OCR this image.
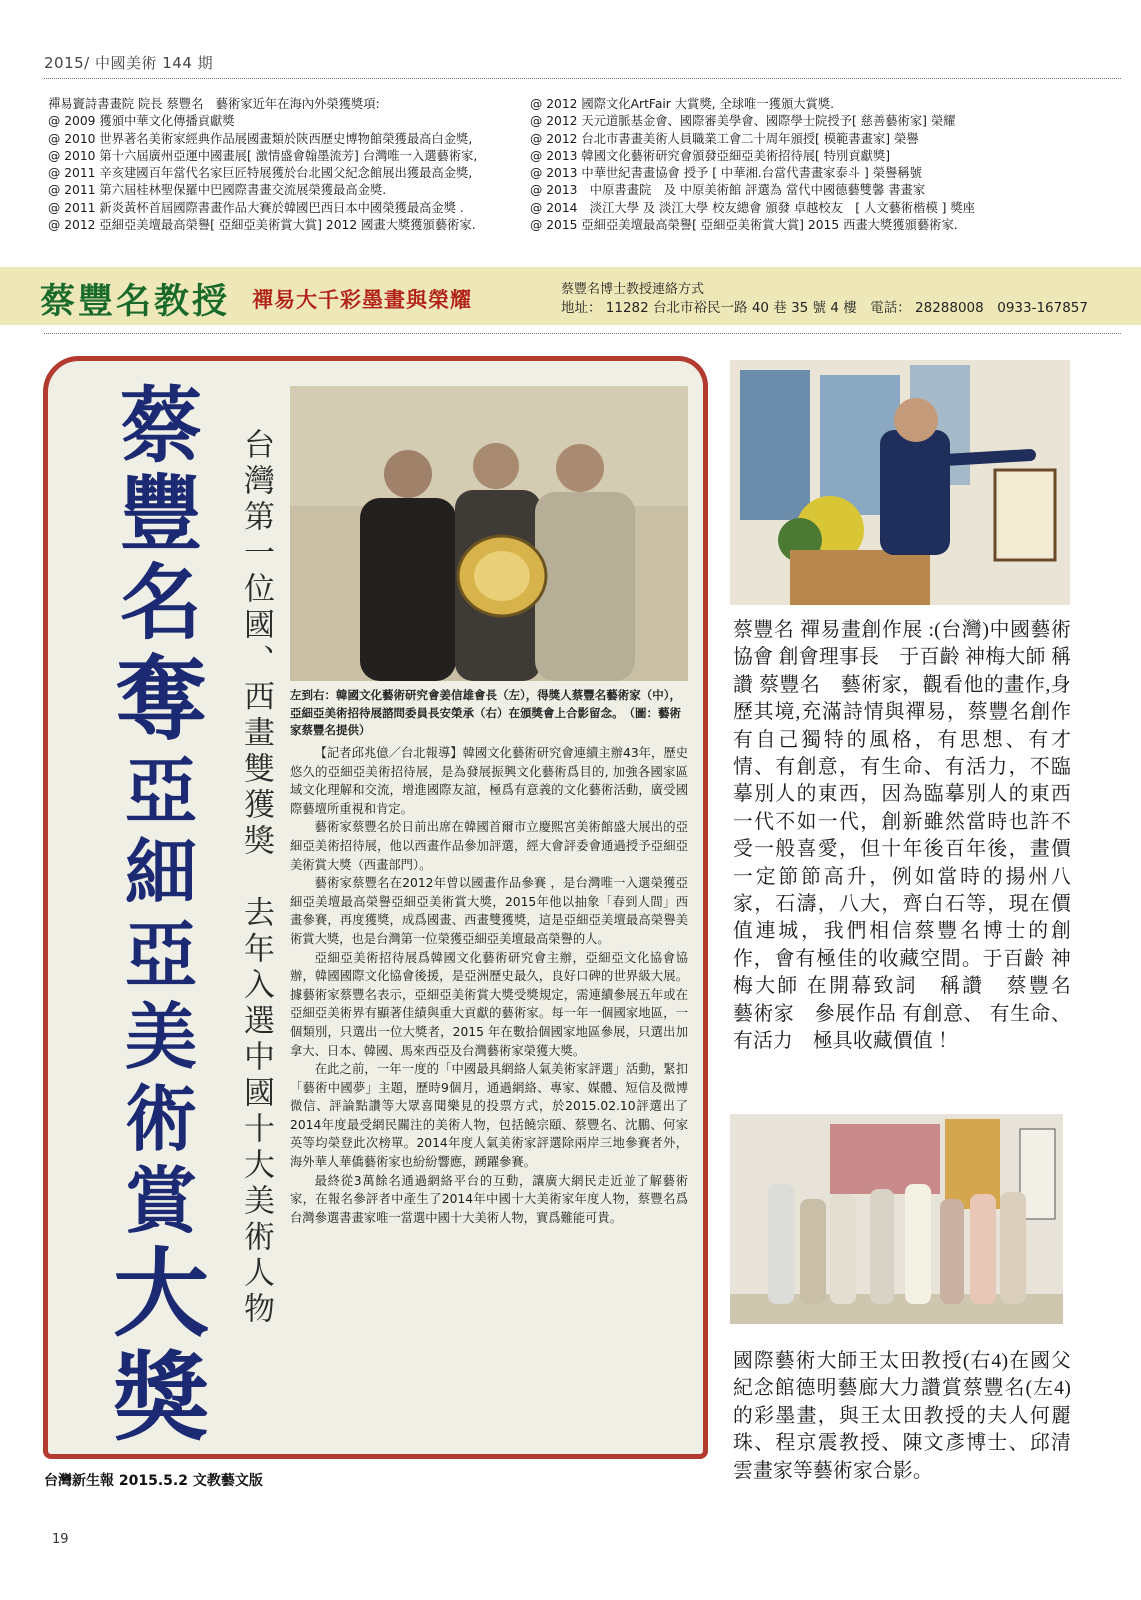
2015/ 中國美術 144 期
禪易竇詩書畫院 院長 蔡豐名　藝術家近年在海內外榮獲獎項:
@ 2009 獲頒中華文化傳播貢獻獎
@ 2010 世界著名美術家經典作品展國畫類於陝西歷史博物館榮獲最高白金獎,
@ 2010 第十六屆廣州亞運中國畫展[ 激情盛會翰墨流芳] 台灣唯一入選藝術家,
@ 2011 辛亥建國百年當代名家巨匠特展獲於台北國父紀念館展出獲最高金獎,
@ 2011 第六屆桂林聖保羅中巴國際書畫交流展榮獲最高金獎.
@ 2011 新炎黃杯首屆國際書畫作品大賽於韓國巴西日本中國榮獲最高金獎 .
@ 2012 亞細亞美壇最高榮譽[ 亞細亞美術賞大賞] 2012 國畫大獎獲頒藝術家.
@ 2012 國際文化ArtFair 大賞獎, 全球唯一獲頒大賞獎.
@ 2012 天元道脈基金會、國際審美學會、國際學士院授予[ 慈善藝術家] 榮耀
@ 2012 台北市書畫美術人員職業工會二十周年頒授[ 模範書畫家] 榮譽
@ 2013 韓國文化藝術研究會頒發亞細亞美術招待展[ 特別貢獻獎]
@ 2013 中華世紀書畫協會 授予 [ 中華湘.台當代書畫家泰斗 ] 榮譽稱號
@ 2013　中原書畫院　及 中原美術館 評選為 當代中國德藝雙馨 書畫家
@ 2014　淡江大學 及 淡江大學 校友總會 頒發 卓越校友　[ 人文藝術楷模 ] 獎座
@ 2015 亞細亞美壇最高榮譽[ 亞細亞美術賞大賞] 2015 西畫大獎獲頒藝術家.
蔡豐名教授 禪易大千彩墨畫與榮耀	蔡豐名博士教授連絡方式
地址： 11282 台北市裕民一路 40 巷 35 號 4 樓　電話： 28288008　0933-167857
蔡
豐
名
奪
亞
細
亞
美
術
賞
大
獎
台灣第一位國、西畫雙獲獎　去年入選中國十大美術人物 左到右：韓國文化藝術研究會姜信雄會長（左），得獎人蔡豐名藝術家（中），亞細亞美術招待展諮問委員長安榮承（右）在頒獎會上合影留念。　（圖：藝術家蔡豐名提供）

【記者邱兆億／台北報導】韓國文化藝術研究會連續主辦43年，歷史悠久的亞細亞美術招待展，是為發展振興文化藝術爲目的, 加強各國家區域文化理解和交流，增進國際友誼，極爲有意義的文化藝術活動，廣受國際藝壇所重視和肯定。

藝術家蔡豐名於日前出席在韓國首爾市立慶熙宮美術館盛大展出的亞細亞美術招待展，他以西畫作品參加評選，經大會評委會通過授予亞細亞美術賞大獎（西畫部門）。

藝術家蔡豐名在2012年曾以國畫作品參賽 ，是台灣唯一入選榮獲亞細亞美壇最高榮譽亞細亞美術賞大獎，2015年他以抽象「春到人間」西畫參賽，再度獲獎，成爲國畫、西畫雙獲獎，這是亞細亞美壇最高榮譽美術賞大獎，也是台灣第一位榮獲亞細亞美壇最高榮譽的人。

亞細亞美術招待展爲韓國文化藝術研究會主辦，亞細亞文化協會協辦，韓國國際文化協會後援，是亞洲歷史最久，良好口碑的世界級大展。據藝術家蔡豐名表示，亞細亞美術賞大獎受獎規定，需連續參展五年或在亞細亞美術界有顯著佳績與重大貢獻的藝術家。每一年一個國家地區，一個類別，只選出一位大獎者，2015 年在數拾個國家地區參展，只選出加拿大、日本、韓國、馬來西亞及台灣藝術家榮獲大獎。

在此之前，一年一度的「中國最具網絡人氣美術家評選」活動，緊扣「藝術中國夢」主題，歷時9個月，通過網絡、專家、媒體、短信及微博微信、評論點讚等大眾喜聞樂見的投票方式，於2015.02.10評選出了2014年度最受網民關注的美術人物，包括饒宗頤、蔡豐名、沈鵬、何家英等均榮登此次榜單。2014年度人氣美術家評選除兩岸三地參賽者外，海外華人華僑藝術家也紛紛響應，踴躍參賽。

最終從3萬餘名通過網絡平台的互動，讓廣大網民走近並了解藝術家，在報名參評者中產生了2014年中國十大美術家年度人物，蔡豐名爲台灣參選書畫家唯一當選中國十大美術人物，實爲難能可貴。

台灣新生報 2015.5.2 文教藝文版
蔡豐名 禪易畫創作展 :(台灣)中國藝術協會 創會理事長　于百齡 神梅大師 稱讚 蔡豐名　藝術家，觀看他的畫作,身歷其境,充滿詩情與禪易，蔡豐名創作有自己獨特的風格，有思想、有才情、有創意，有生命、有活力，不臨摹別人的東西，因為臨摹別人的東西一代不如一代，創新雖然當時也許不受一般喜愛，但十年後百年後，畫價一定節節高升，例如當時的揚州八家，石濤，八大，齊白石等，現在價值連城，我們相信蔡豐名博士的創作，會有極佳的收藏空間。于百齡 神梅大師 在開幕致詞　稱讚　蔡豐名　藝術家　參展作品 有創意、 有生命、 有活力　極具收藏價值 ！
國際藝術大師王太田教授(右4)在國父紀念館德明藝廊大力讚賞蔡豐名(左4)的彩墨畫，與王太田教授的夫人何麗珠、程京震教授、陳文彥博士、邱清雲畫家等藝術家合影。
19
